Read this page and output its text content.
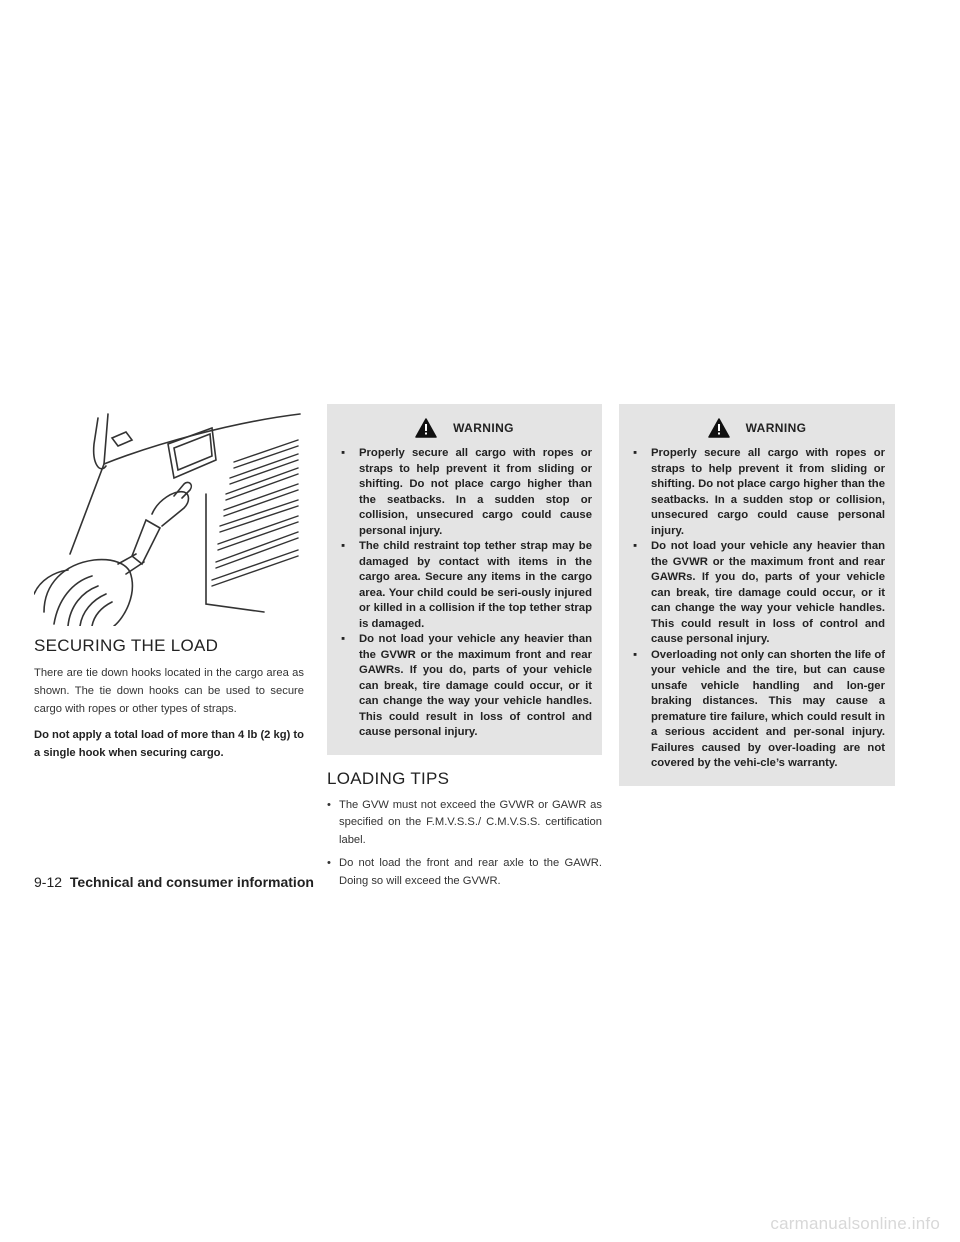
SECURING THE LOAD

There are tie down hooks located in the cargo area as shown. The tie down hooks can be used to secure cargo with ropes or other types of straps.

Do not apply a total load of more than 4 lb (2 kg) to a single hook when securing cargo.

WARNING
▪ Properly secure all cargo with ropes or straps to help prevent it from sliding or shifting. Do not place cargo higher than the seatbacks. In a sudden stop or collision, unsecured cargo could cause personal injury.
▪ The child restraint top tether strap may be damaged by contact with items in the cargo area. Secure any items in the cargo area. Your child could be seri-ously injured or killed in a collision if the top tether strap is damaged.
▪ Do not load your vehicle any heavier than the GVWR or the maximum front and rear GAWRs. If you do, parts of your vehicle can break, tire damage could occur, or it can change the way your vehicle handles. This could result in loss of control and cause personal injury.
LOADING TIPS
• The GVW must not exceed the GVWR or GAWR as specified on the F.M.V.S.S./ C.M.V.S.S. certification label.
• Do not load the front and rear axle to the GAWR. Doing so will exceed the GVWR.
WARNING
▪ Properly secure all cargo with ropes or straps to help prevent it from sliding or shifting. Do not place cargo higher than the seatbacks. In a sudden stop or collision, unsecured cargo could cause personal injury.
▪ Do not load your vehicle any heavier than the GVWR or the maximum front and rear GAWRs. If you do, parts of your vehicle can break, tire damage could occur, or it can change the way your vehicle handles. This could result in loss of control and cause personal injury.
▪ Overloading not only can shorten the life of your vehicle and the tire, but can cause unsafe vehicle handling and lon-ger braking distances. This may cause a premature tire failure, which could result in a serious accident and per-sonal injury. Failures caused by over-loading are not covered by the vehi-cle’s warranty.
9-12 Technical and consumer information
carmanualsonline.info
